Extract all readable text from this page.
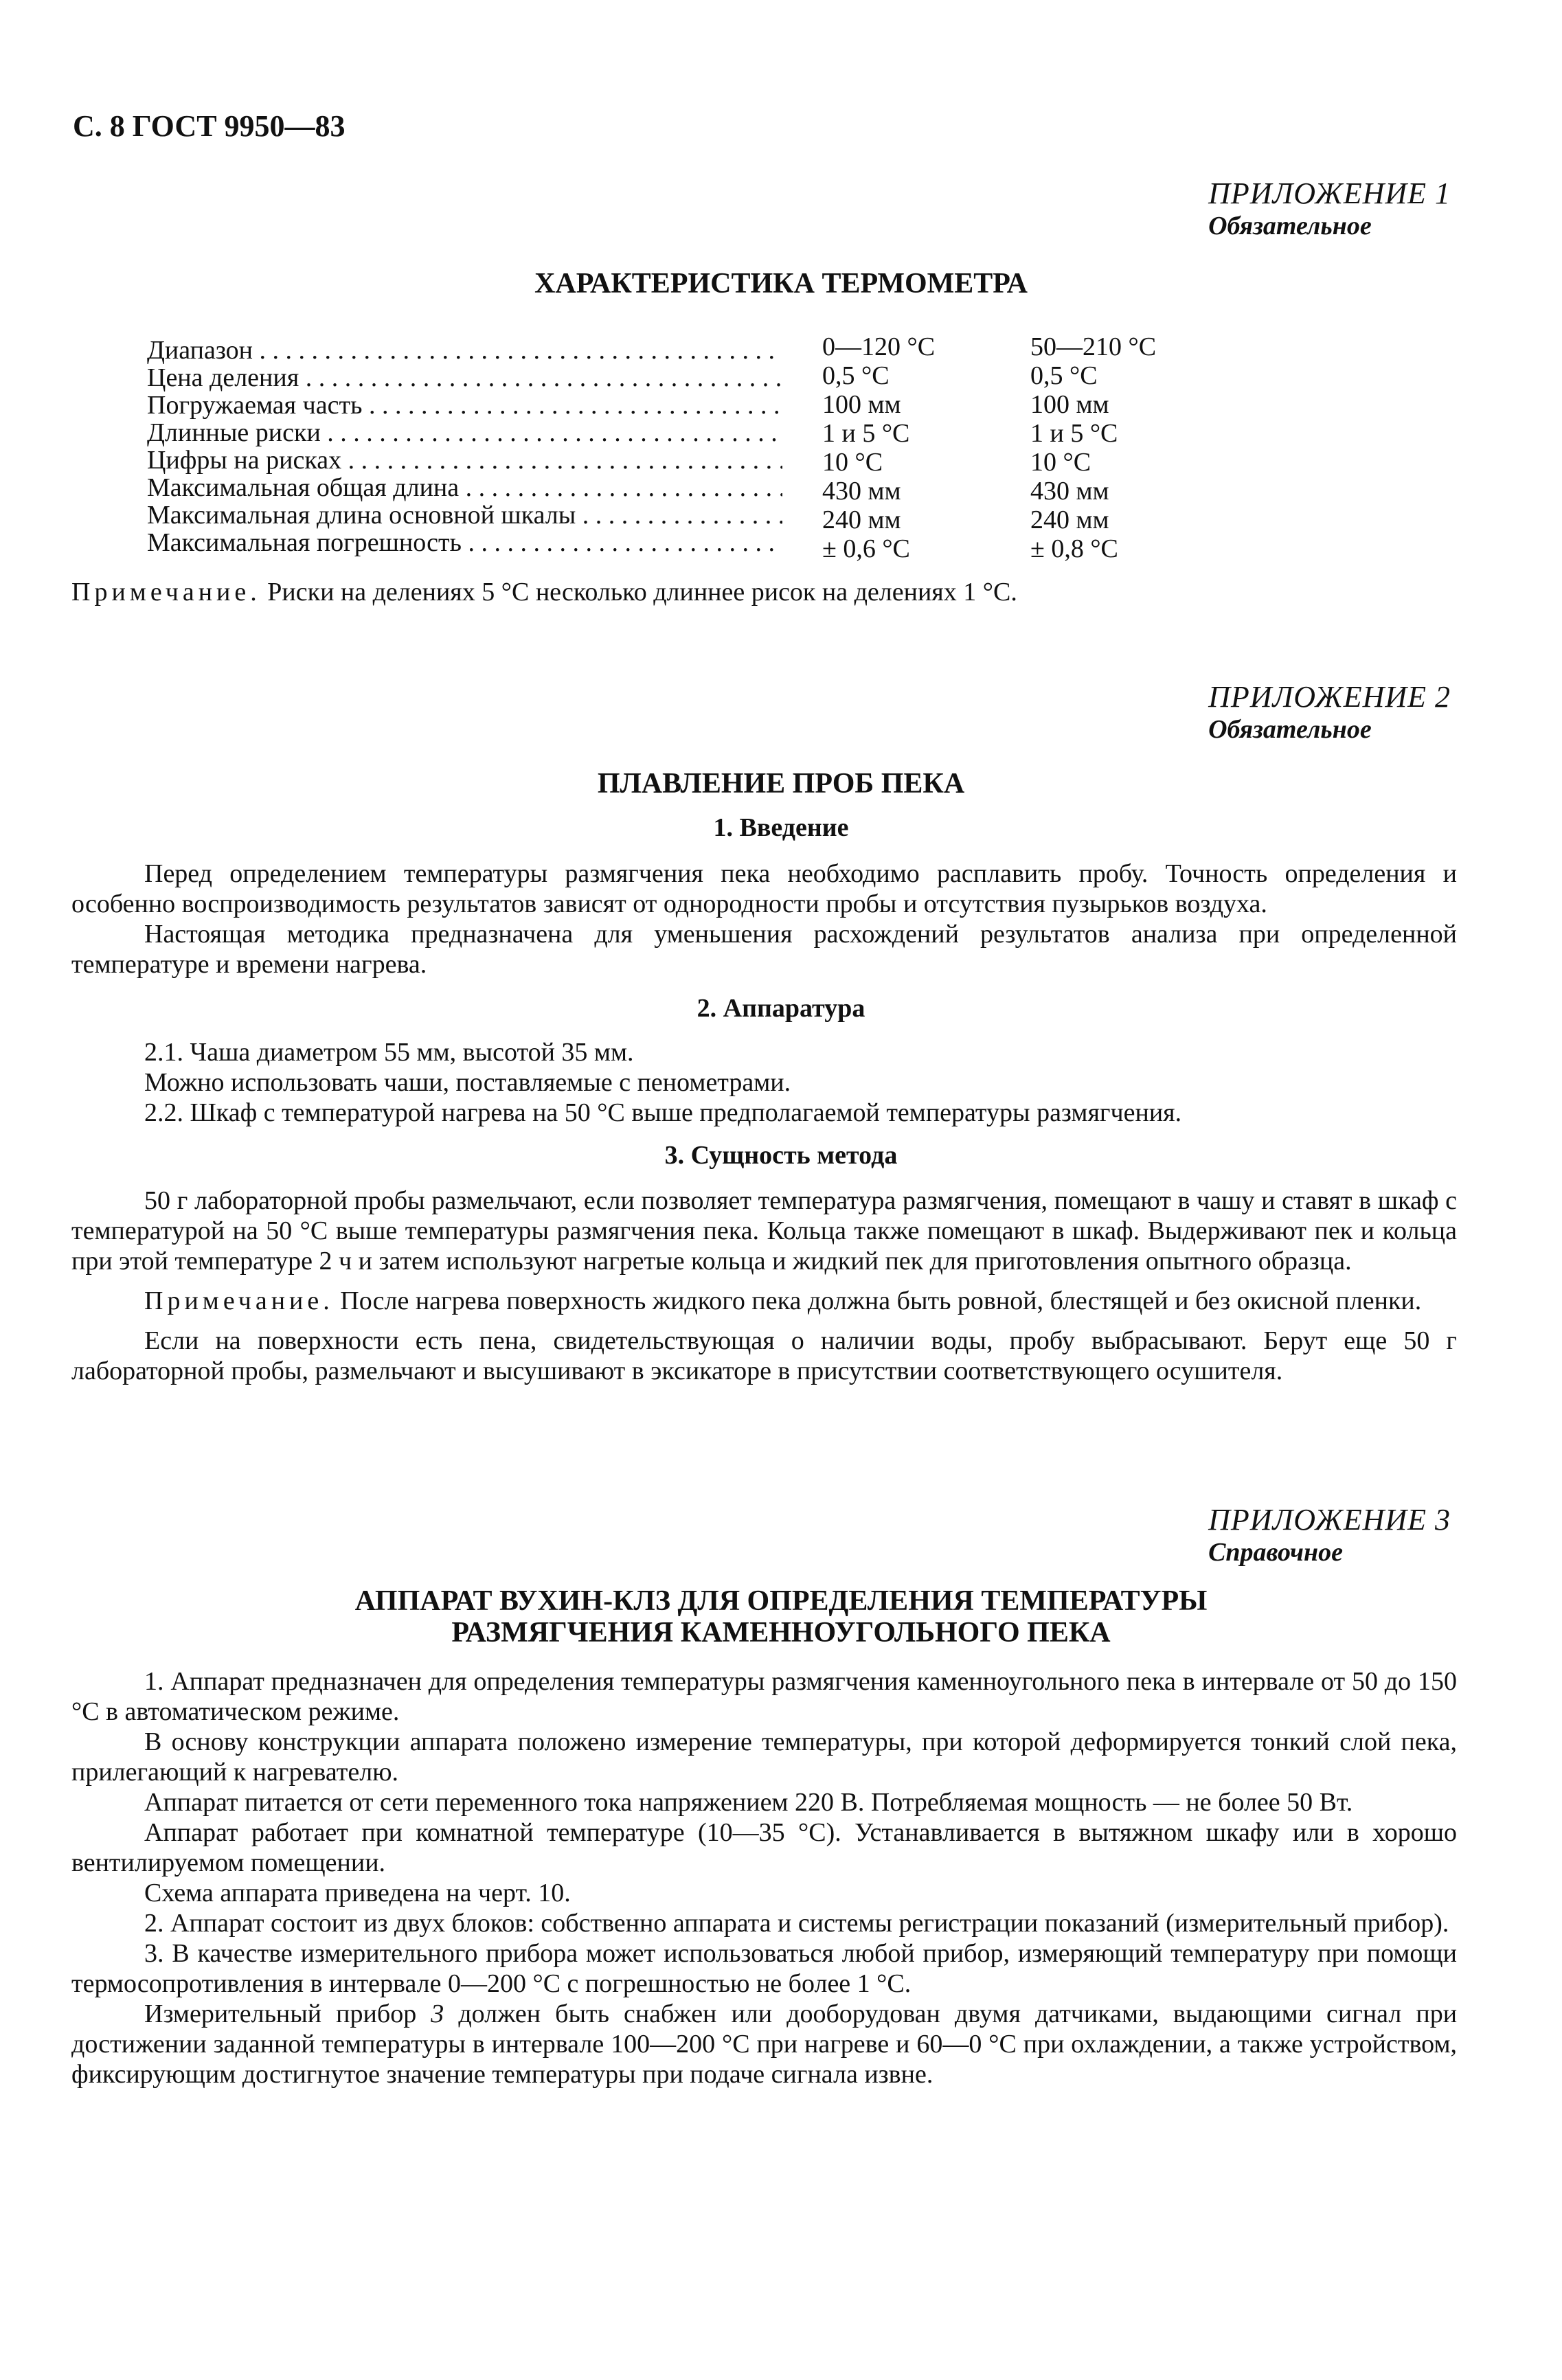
С. 8 ГОСТ 9950—83
ПРИЛОЖЕНИЕ 1
Обязательное
ХАРАКТЕРИСТИКА ТЕРМОМЕТРА
Диапазон . . .
Цена деления . . .
Погружаемая часть . . .
Длинные риски . . .
Цифры на рисках . . .
Максимальная общая длина . . .
Максимальная длина основной шкалы . . .
Максимальная погрешность . . .
0—120 °С
0,5 °С
100 мм
1 и 5 °С
10 °С
430 мм
240 мм
± 0,6 °С
50—210 °С
0,5 °С
100 мм
1 и 5 °С
10 °С
430 мм
240 мм
± 0,8 °С

Примечание. Риски на делениях 5 °С несколько длиннее рисок на делениях 1 °С.

ПРИЛОЖЕНИЕ 2
Обязательное
ПЛАВЛЕНИЕ ПРОБ ПЕКА
1. Введение

Перед определением температуры размягчения пека необходимо расплавить пробу. Точность определения и особенно воспроизводимость результатов зависят от однородности пробы и отсутствия пузырьков воздуха.

Настоящая методика предназначена для уменьшения расхождений результатов анализа при определенной температуре и времени нагрева.

2. Аппаратура

2.1. Чаша диаметром 55 мм, высотой 35 мм.

Можно использовать чаши, поставляемые с пенометрами.

2.2. Шкаф с температурой нагрева на 50 °С выше предполагаемой температуры размягчения.

3. Сущность метода

50 г лабораторной пробы размельчают, если позволяет температура размягчения, помещают в чашу и ставят в шкаф с температурой на 50 °С выше температуры размягчения пека. Кольца также помещают в шкаф. Выдерживают пек и кольца при этой температуре 2 ч и затем используют нагретые кольца и жидкий пек для приготовления опытного образца.

Примечание. После нагрева поверхность жидкого пека должна быть ровной, блестящей и без окисной пленки.

Если на поверхности есть пена, свидетельствующая о наличии воды, пробу выбрасывают. Берут еще 50 г лабораторной пробы, размельчают и высушивают в эксикаторе в присутствии соответствующего осушителя.

ПРИЛОЖЕНИЕ 3
Справочное
АППАРАТ ВУХИН-КЛЗ ДЛЯ ОПРЕДЕЛЕНИЯ ТЕМПЕРАТУРЫ
РАЗМЯГЧЕНИЯ КАМЕННОУГОЛЬНОГО ПЕКА

1. Аппарат предназначен для определения температуры размягчения каменноугольного пека в интервале от 50 до 150 °С в автоматическом режиме.

В основу конструкции аппарата положено измерение температуры, при которой деформируется тонкий слой пека, прилегающий к нагревателю.

Аппарат питается от сети переменного тока напряжением 220 В. Потребляемая мощность — не более 50 Вт.

Аппарат работает при комнатной температуре (10—35 °С). Устанавливается в вытяжном шкафу или в хорошо вентилируемом помещении.

Схема аппарата приведена на черт. 10.

2. Аппарат состоит из двух блоков: собственно аппарата и системы регистрации показаний (измерительный прибор).

3. В качестве измерительного прибора может использоваться любой прибор, измеряющий температуру при помощи термосопротивления в интервале 0—200 °С с погрешностью не более 1 °С.

Измерительный прибор 3 должен быть снабжен или дооборудован двумя датчиками, выдающими сигнал при достижении заданной температуры в интервале 100—200 °С при нагреве и 60—0 °С при охлаждении, а также устройством, фиксирующим достигнутое значение температуры при подаче сигнала извне.
